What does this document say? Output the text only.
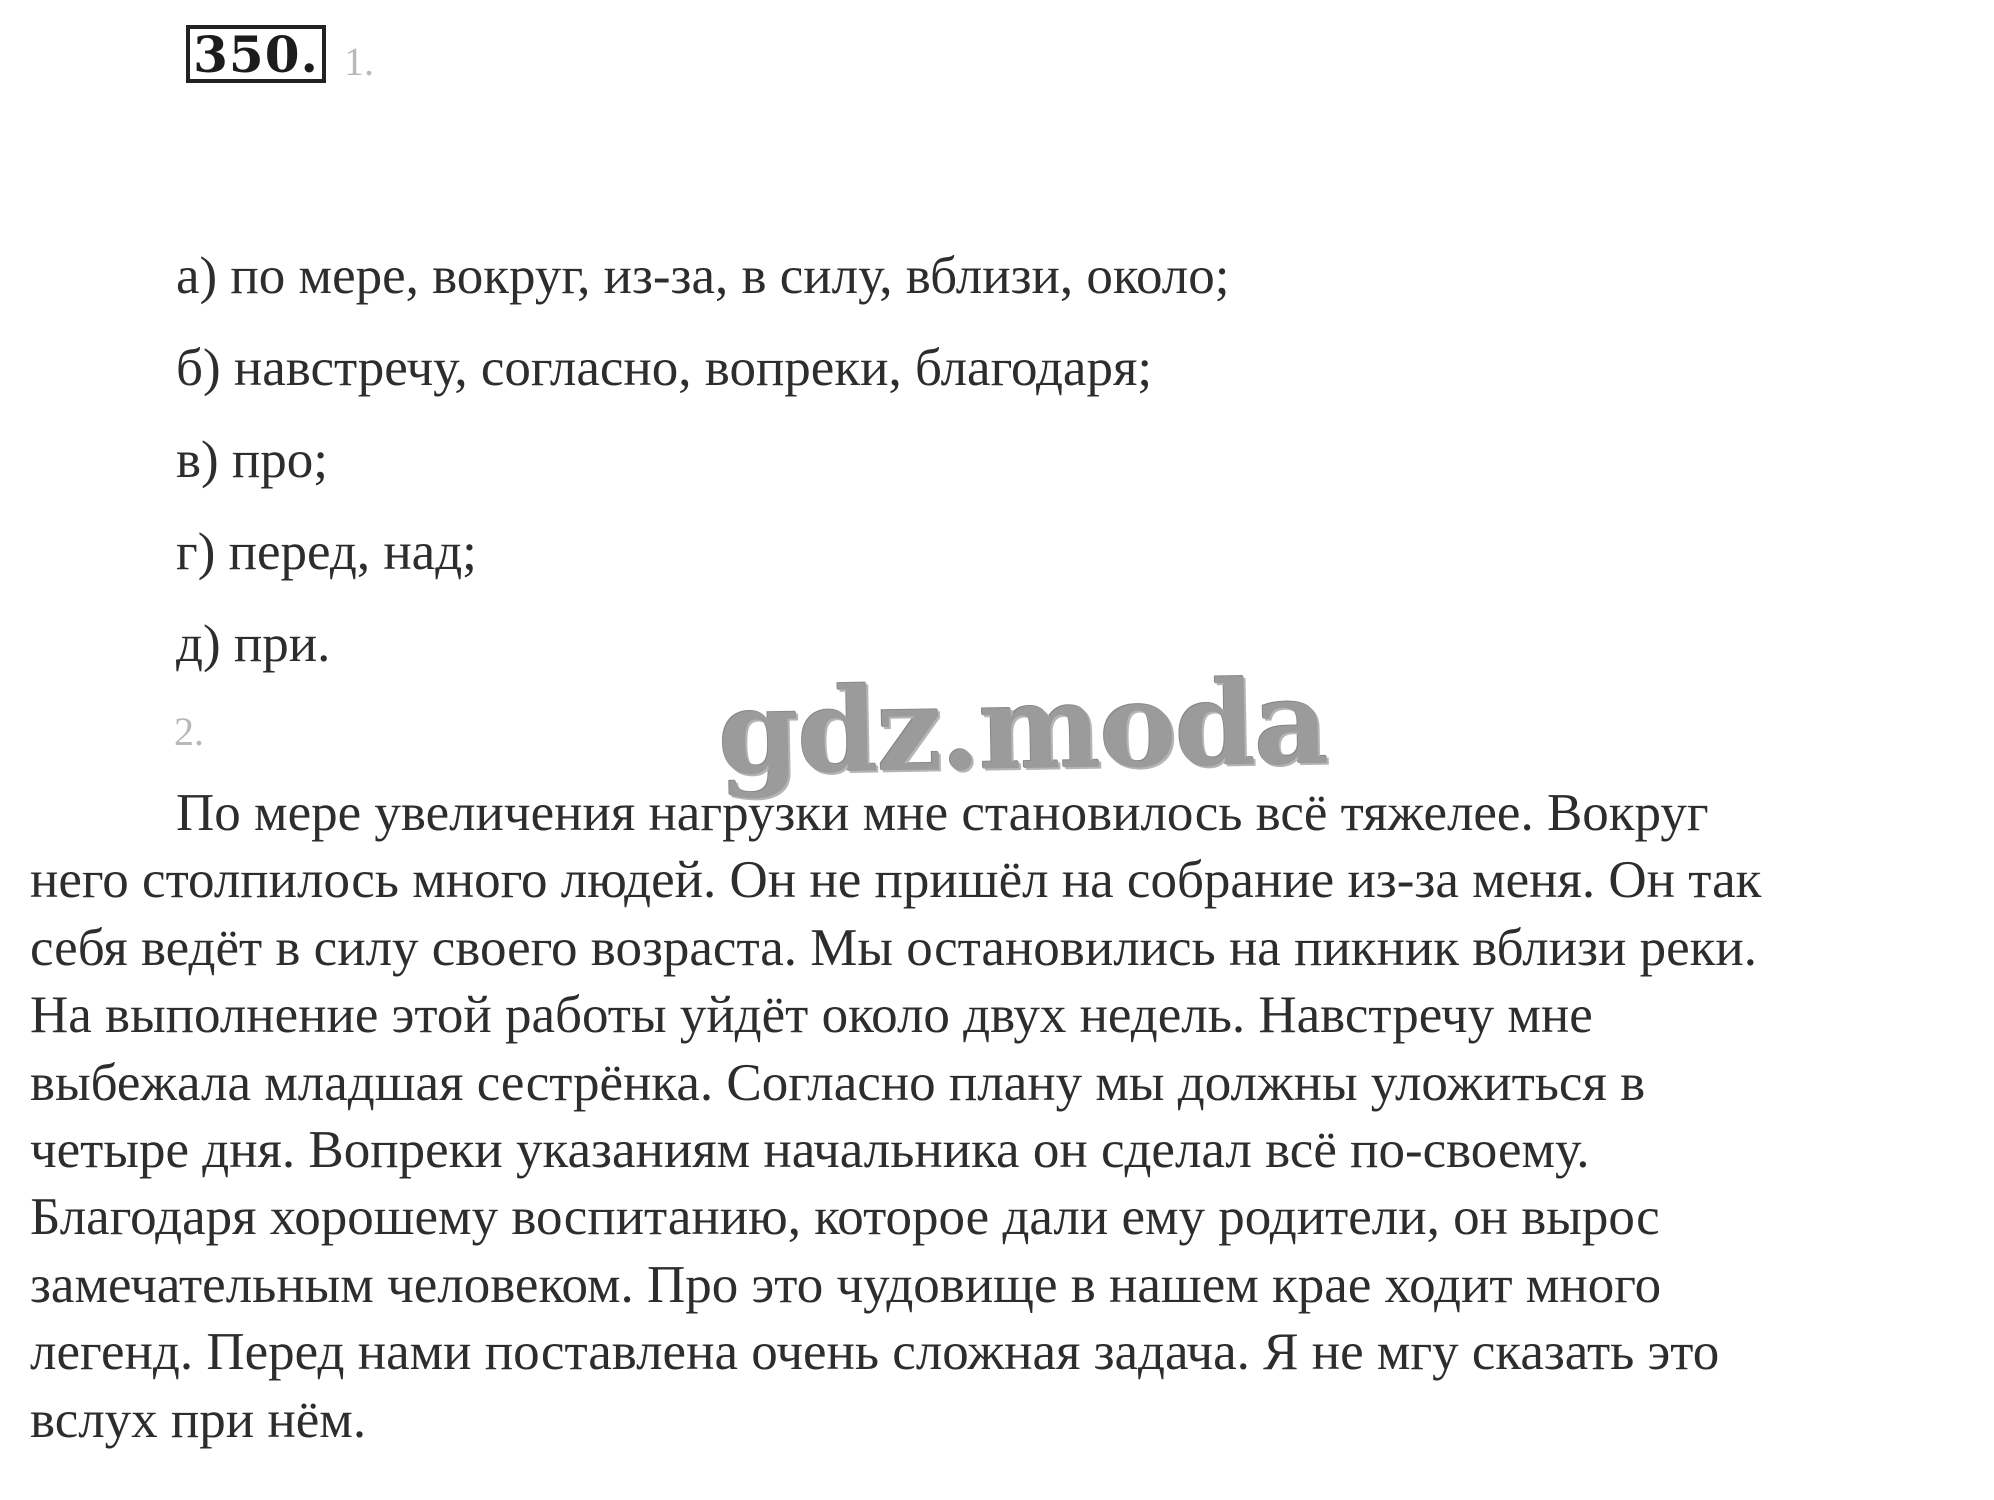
350. 1.
а) по мере, вокруг, из-за, в силу, вблизи, около;
б) навстречу, согласно, вопреки, благодаря;
в) про;
г) перед, над;
д) при.
2.	gdz.moda
По мере увеличения нагрузки мне становилось всё тяжелее. Вокруг
него столпилось много людей. Он не пришёл на собрание из-за меня. Он так
себя ведёт в силу своего возраста. Мы остановились на пикник вблизи реки.
На выполнение этой работы уйдёт около двух недель. Навстречу мне
выбежала младшая сестрёнка. Согласно плану мы должны уложиться в
четыре дня. Вопреки указаниям начальника он сделал всё по-своему.
Благодаря хорошему воспитанию, которое дали ему родители, он вырос
замечательным человеком. Про это чудовище в нашем крае ходит много
легенд. Перед нами поставлена очень сложная задача. Я не мгу сказать это
вслух при нём.
